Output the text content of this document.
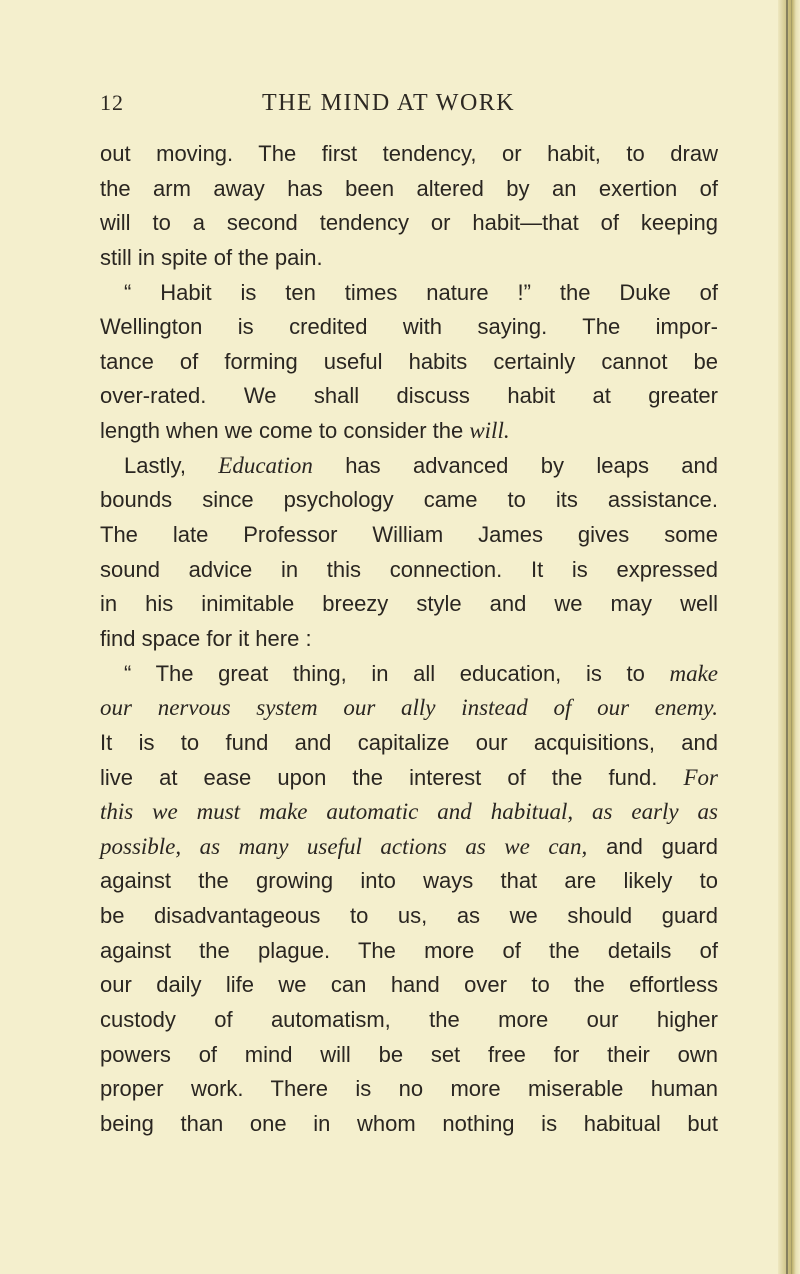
12	THE MIND AT WORK
out moving. The first tendency, or habit, to draw
the arm away has been altered by an exertion of
will to a second tendency or habit—that of keeping
still in spite of the pain.
“ Habit is ten times nature !” the Duke of
Wellington is credited with saying. The impor-
tance of forming useful habits certainly cannot be
over-rated. We shall discuss habit at greater
length when we come to consider the will.
Lastly, Education has advanced by leaps and
bounds since psychology came to its assistance.
The late Professor William James gives some
sound advice in this connection. It is expressed
in his inimitable breezy style and we may well
find space for it here :
“ The great thing, in all education, is to make
our nervous system our ally instead of our enemy.
It is to fund and capitalize our acquisitions, and
live at ease upon the interest of the fund. For
this we must make automatic and habitual, as early as
possible, as many useful actions as we can, and guard
against the growing into ways that are likely to
be disadvantageous to us, as we should guard
against the plague. The more of the details of
our daily life we can hand over to the effortless
custody of automatism, the more our higher
powers of mind will be set free for their own
proper work. There is no more miserable human
being than one in whom nothing is habitual but
